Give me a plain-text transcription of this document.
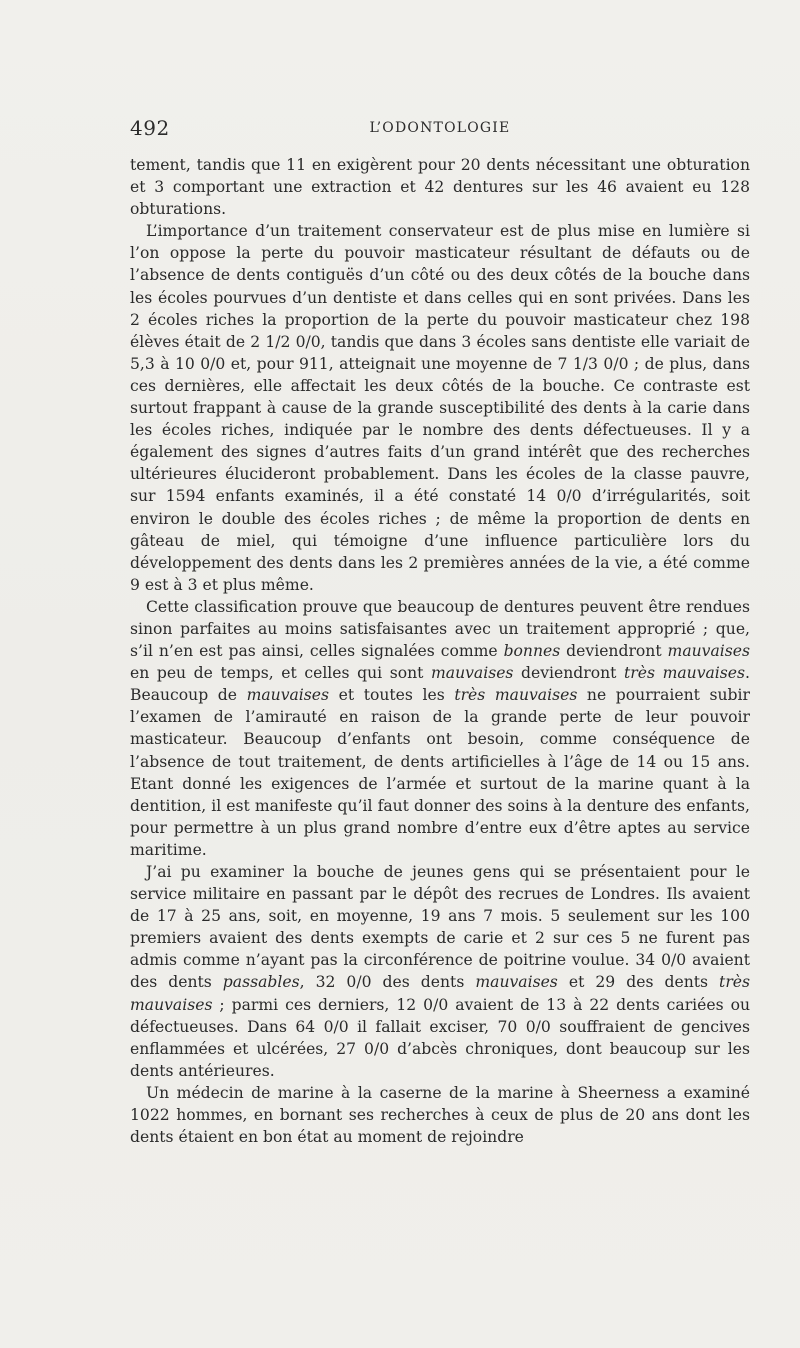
492	L’ODONTOLOGIE

tement, tandis que 11 en exigèrent pour 20 dents nécessitant une obturation et 3 comportant une extraction et 42 dentures sur les 46 avaient eu 128 obturations.

L’importance d’un traitement conservateur est de plus mise en lumière si l’on oppose la perte du pouvoir masticateur résultant de défauts ou de l’absence de dents contiguës d’un côté ou des deux côtés de la bouche dans les écoles pourvues d’un dentiste et dans celles qui en sont privées. Dans les 2 écoles riches la proportion de la perte du pouvoir masticateur chez 198 élèves était de 2 1/2 0/0, tandis que dans 3 écoles sans dentiste elle variait de 5,3 à 10 0/0 et, pour 911, atteignait une moyenne de 7 1/3 0/0 ; de plus, dans ces dernières, elle affectait les deux côtés de la bouche. Ce contraste est surtout frappant à cause de la grande susceptibilité des dents à la carie dans les écoles riches, indiquée par le nombre des dents défectueuses. Il y a également des signes d’autres faits d’un grand intérêt que des recherches ultérieures élucideront probablement. Dans les écoles de la classe pauvre, sur 1594 enfants examinés, il a été constaté 14 0/0 d’irrégularités, soit environ le double des écoles riches ; de même la proportion de dents en gâteau de miel, qui témoigne d’une influence particulière lors du développement des dents dans les 2 premières années de la vie, a été comme 9 est à 3 et plus même.

Cette classification prouve que beaucoup de dentures peuvent être rendues sinon parfaites au moins satisfaisantes avec un traitement approprié ; que, s’il n’en est pas ainsi, celles signalées comme bonnes deviendront mauvaises en peu de temps, et celles qui sont mauvaises deviendront très mauvaises. Beaucoup de mauvaises et toutes les très mauvaises ne pourraient subir l’examen de l’amirauté en raison de la grande perte de leur pouvoir masticateur. Beaucoup d’enfants ont besoin, comme conséquence de l’absence de tout traitement, de dents artificielles à l’âge de 14 ou 15 ans. Etant donné les exigences de l’armée et surtout de la marine quant à la dentition, il est manifeste qu’il faut donner des soins à la denture des enfants, pour permettre à un plus grand nombre d’entre eux d’être aptes au service maritime.

J’ai pu examiner la bouche de jeunes gens qui se présentaient pour le service militaire en passant par le dépôt des recrues de Londres. Ils avaient de 17 à 25 ans, soit, en moyenne, 19 ans 7 mois. 5 seulement sur les 100 premiers avaient des dents exempts de carie et 2 sur ces 5 ne furent pas admis comme n’ayant pas la circonférence de poitrine voulue. 34 0/0 avaient des dents passables, 32 0/0 des dents mauvaises et 29 des dents très mauvaises ; parmi ces derniers, 12 0/0 avaient de 13 à 22 dents cariées ou défectueuses. Dans 64 0/0 il fallait exciser, 70 0/0 souffraient de gencives enflammées et ulcérées, 27 0/0 d’abcès chroniques, dont beaucoup sur les dents antérieures.

Un médecin de marine à la caserne de la marine à Sheerness a examiné 1022 hommes, en bornant ses recherches à ceux de plus de 20 ans dont les dents étaient en bon état au moment de rejoindre
